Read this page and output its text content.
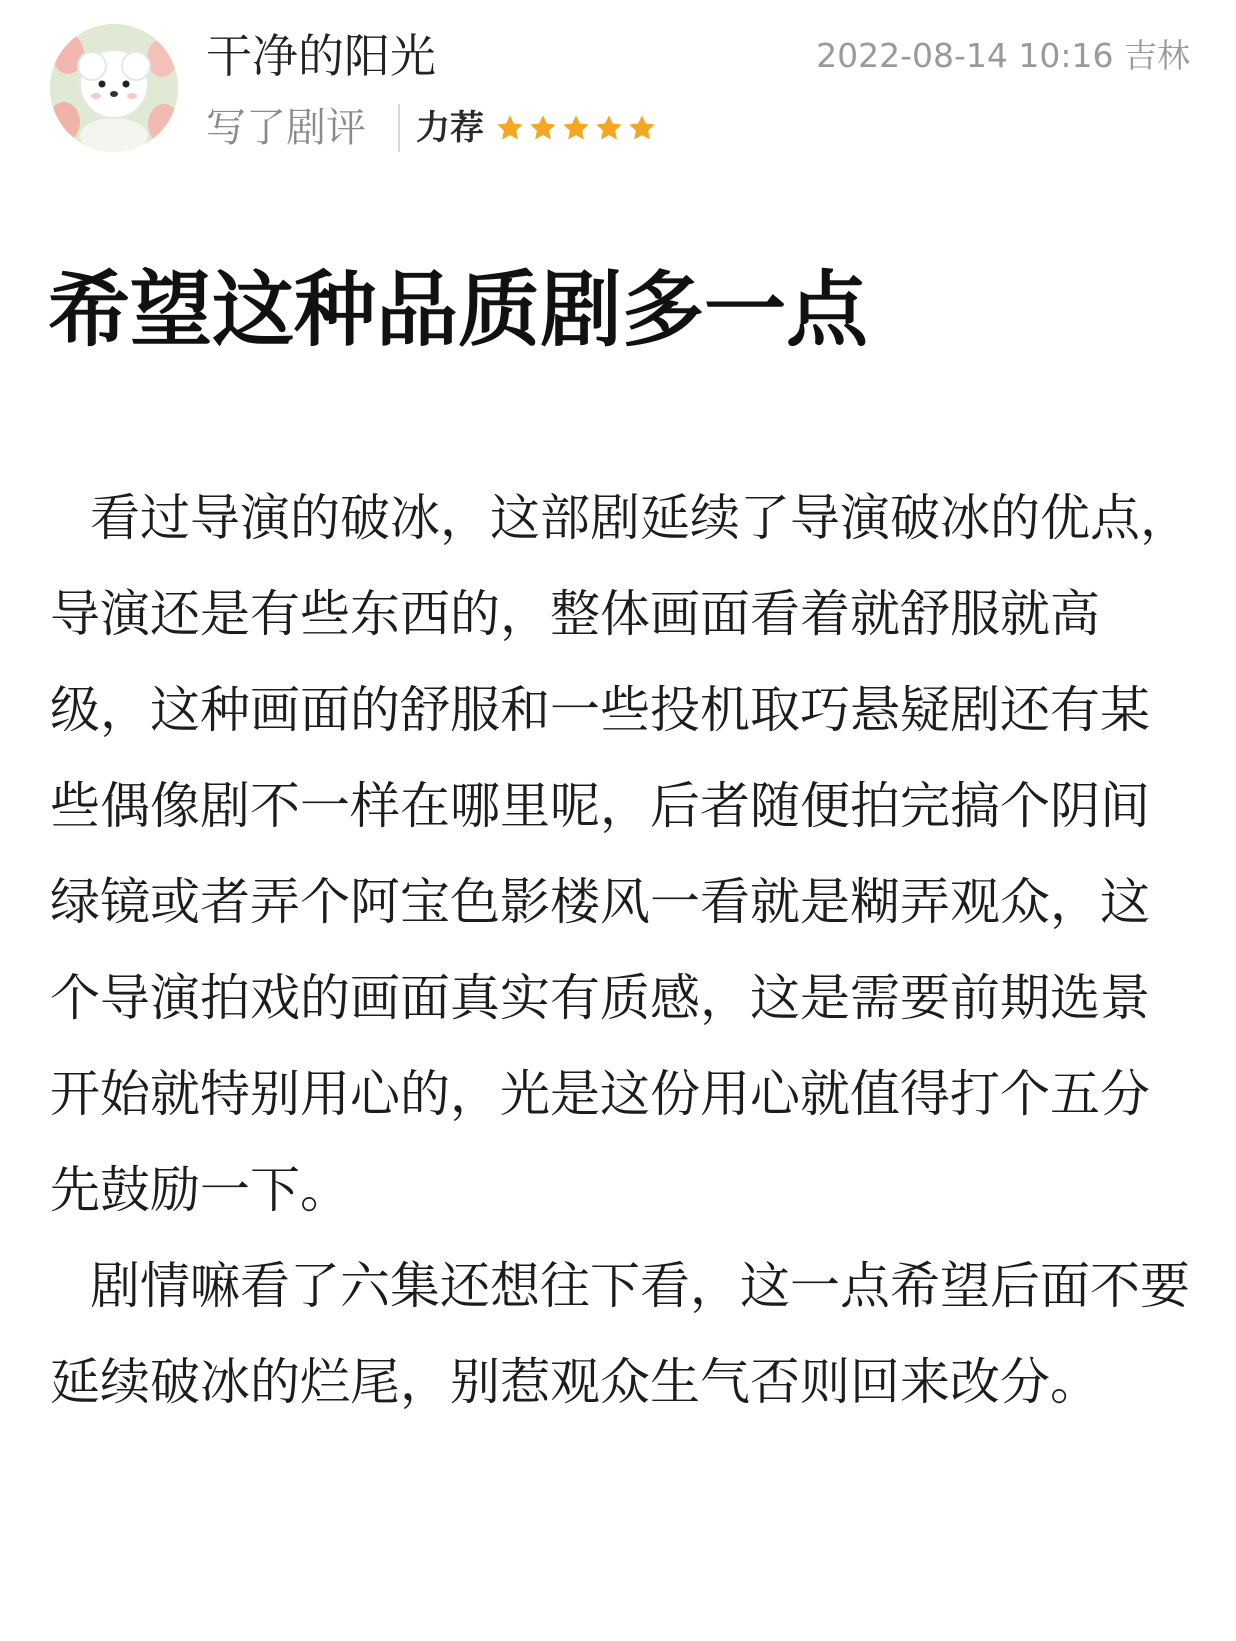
干净的阳光	2022-08-14 10:16 吉林
写了剧评 力荐
希望这种品质剧多一点

看过导演的破冰，这部剧延续了导演破冰的优点，导演还是有些东西的，整体画面看着就舒服就高级，这种画面的舒服和一些投机取巧悬疑剧还有某些偶像剧不一样在哪里呢，后者随便拍完搞个阴间绿镜或者弄个阿宝色影楼风一看就是糊弄观众，这个导演拍戏的画面真实有质感，这是需要前期选景开始就特别用心的，光是这份用心就值得打个五分先鼓励一下。

剧情嘛看了六集还想往下看，这一点希望后面不要延续破冰的烂尾，别惹观众生气否则回来改分。
